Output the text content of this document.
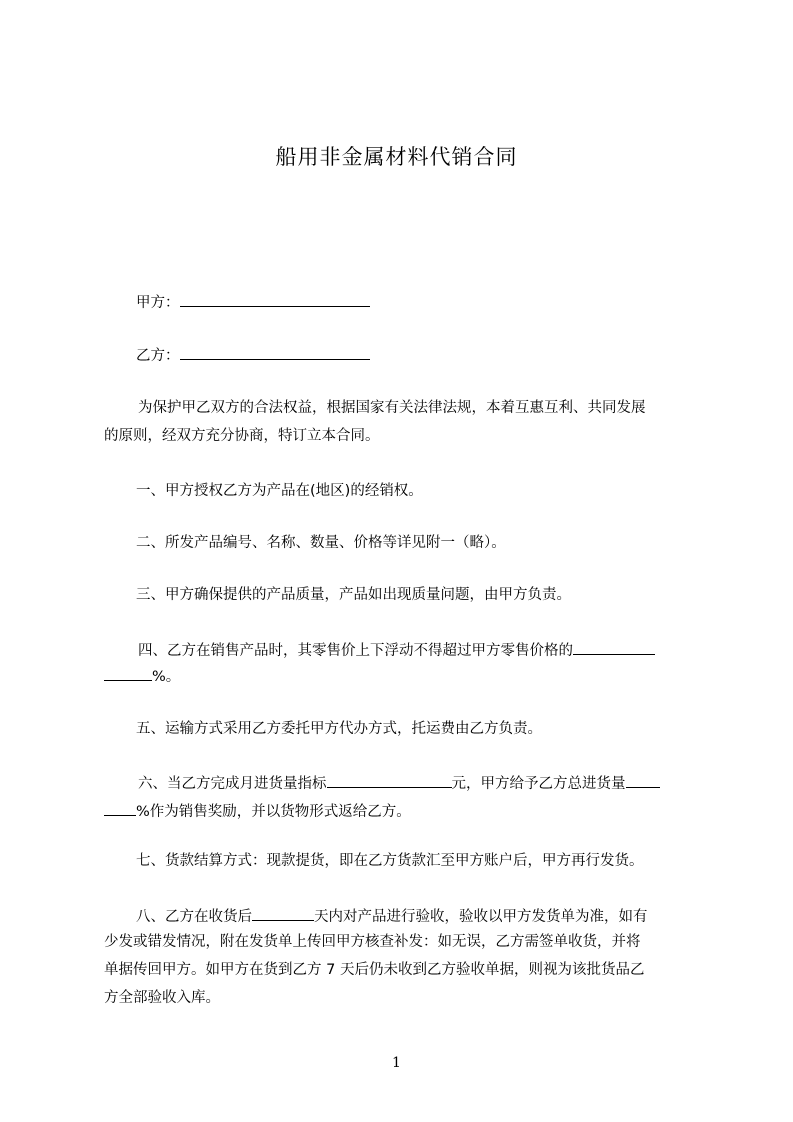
船用非金属材料代销合同
甲方：
乙方：
为保护甲乙双方的合法权益，根据国家有关法律法规，本着互惠互利、共同发展
的原则，经双方充分协商，特订立本合同。
一、甲方授权乙方为产品在(地区)的经销权。
二、所发产品编号、名称、数量、价格等详见附一（略）。
三、甲方确保提供的产品质量，产品如出现质量问题，由甲方负责。
四、乙方在销售产品时，其零售价上下浮动不得超过甲方零售价格的
%。
五、运输方式采用乙方委托甲方代办方式，托运费由乙方负责。
六、当乙方完成月进货量指标	元，甲方给予乙方总进货量
%作为销售奖励，并以货物形式返给乙方。
七、货款结算方式：现款提货，即在乙方货款汇至甲方账户后，甲方再行发货。
八、乙方在收货后	天内对产品进行验收，验收以甲方发货单为准，如有
少发或错发情况，附在发货单上传回甲方核查补发：如无误，乙方需签单收货，并将
单据传回甲方。如甲方在货到乙方 7 天后仍未收到乙方验收单据，则视为该批货品乙
方全部验收入库。
1
